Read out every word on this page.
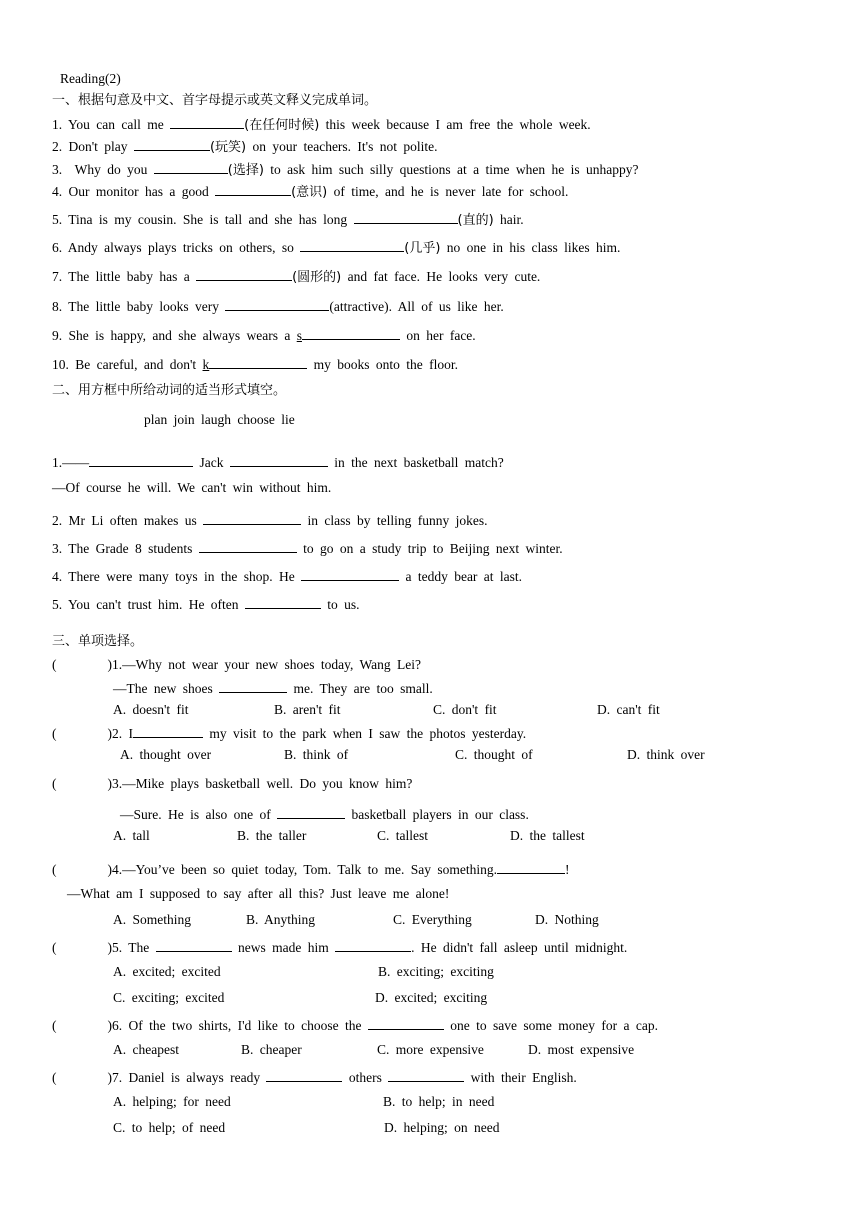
Reading(2)
一、根据句意及中文、首字母提示或英文释义完成单词。
1. You can call me	(在任何时候) this week because I am free the whole week.
2. Don't play	(玩笑) on your teachers. It's not polite.
3. Why do you	(选择) to ask him such silly questions at a time when he is unhappy?
4. Our monitor has a good	(意识) of time, and he is never late for school.
5. Tina is my cousin. She is tall and she has long	(直的) hair.
6. Andy always plays tricks on others, so	(几乎) no one in his class likes him.
7. The little baby has a	(圆形的) and fat face. He looks very cute.
8. The little baby looks very	(attractive). All of us like her.
9. She is happy, and she always wears a s	on her face.
10. Be careful, and don't k	my books onto the floor.
二、用方框中所给动词的适当形式填空。
plan join laugh choose lie
1.——	Jack	in the next basketball match?
—Of course he will. We can't win without him.
2. Mr Li often makes us	in class by telling funny jokes.
3. The Grade 8 students	to go on a study trip to Beijing next winter.
4. There were many toys in the shop. He	a teddy bear at last.
5. You can't trust him. He often	to us.
三、单项选择。
(        )1.—Why not wear your new shoes today, Wang Lei?
—The new shoes	me. They are too small.
A. doesn't fit	B. aren't fit	C. don't fit	D. can't fit
(        )2. I	my visit to the park when I saw the photos yesterday.
A. thought over	B. think of	C. thought of	D. think over
(        )3.—Mike plays basketball well. Do you know him?
—Sure. He is also one of	basketball players in our class.
A. tall	B. the taller	C. tallest	D. the tallest
(        )4.—You’ve been so quiet today, Tom. Talk to me. Say something.	!
—What am I supposed to say after all this? Just leave me alone!
A. Something	B. Anything	C. Everything	D. Nothing
(        )5. The	news made him	. He didn't fall asleep until midnight.
A. excited; excited	B. exciting; exciting
C. exciting; excited	D. excited; exciting
(        )6. Of the two shirts, I'd like to choose the	one to save some money for a cap.
A. cheapest	B. cheaper	C. more expensive	D. most expensive
(        )7. Daniel is always ready	others	with their English.
A. helping; for need	B. to help; in need
C. to help; of need	D. helping; on need
